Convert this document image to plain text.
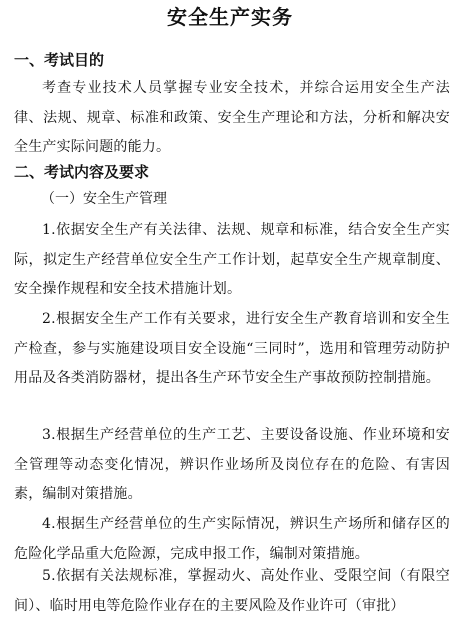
安全生产实务
一、考试目的
考查专业技术人员掌握专业安全技术，并综合运用安全生产法律、法规、规章、标准和政策、安全生产理论和方法，分析和解决安全生产实际问题的能力。
二、考试内容及要求
（一）安全生产管理
1.依据安全生产有关法律、法规、规章和标准，结合安全生产实际，拟定生产经营单位安全生产工作计划，起草安全生产规章制度、安全操作规程和安全技术措施计划。
2.根据安全生产工作有关要求，进行安全生产教育培训和安全生产检查，参与实施建设项目安全设施“三同时”，选用和管理劳动防护用品及各类消防器材，提出各生产环节安全生产事故预防控制措施。
3.根据生产经营单位的生产工艺、主要设备设施、作业环境和安全管理等动态变化情况，辨识作业场所及岗位存在的危险、有害因素，编制对策措施。
4.根据生产经营单位的生产实际情况，辨识生产场所和储存区的危险化学品重大危险源，完成申报工作，编制对策措施。
5.依据有关法规标准，掌握动火、高处作业、受限空间（有限空间）、临时用电等危险作业存在的主要风险及作业许可（审批）
